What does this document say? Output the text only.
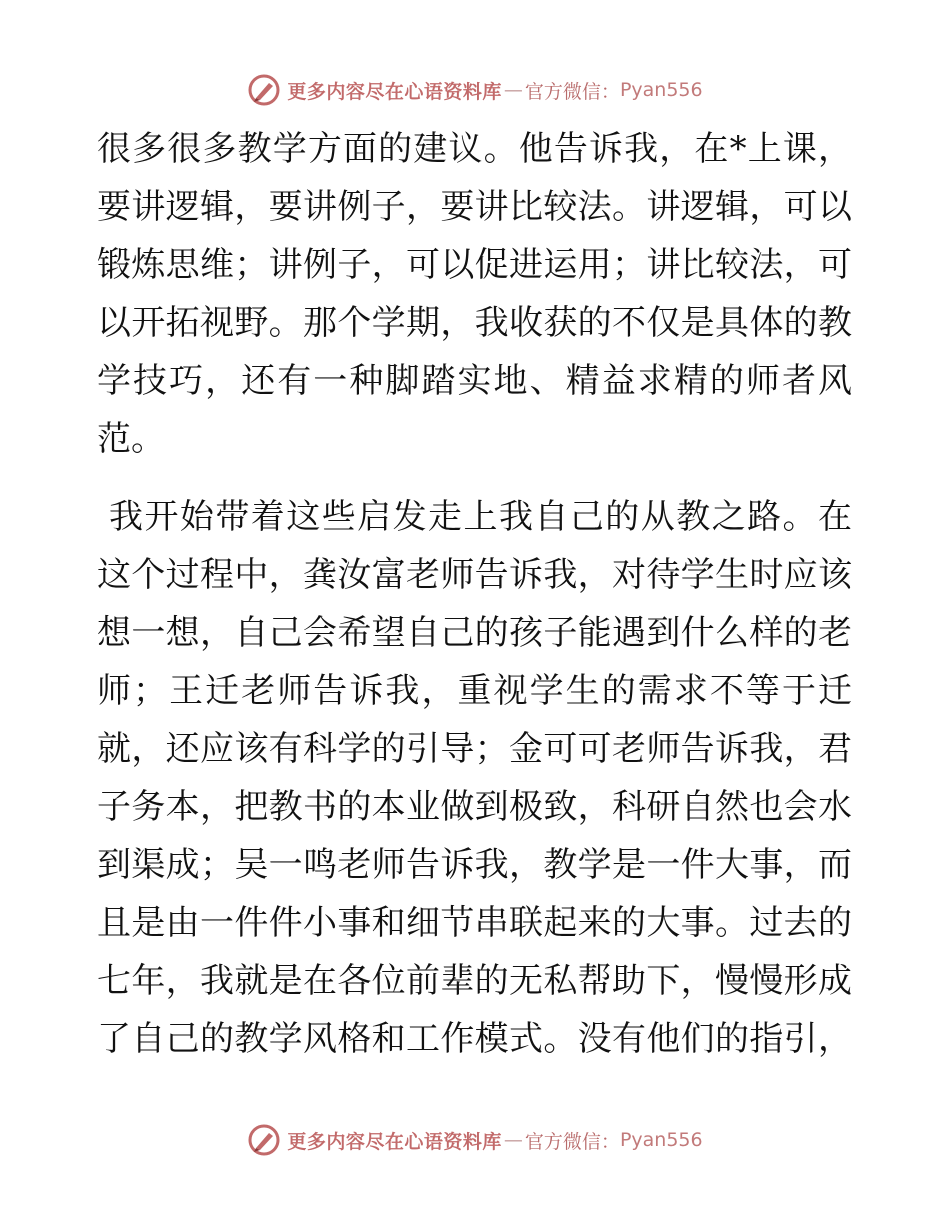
更多内容尽在心语资料库 — 官方微信： Pyan556

很多很多教学方面的建议。他告诉我，在*上课，
要讲逻辑，要讲例子，要讲比较法。讲逻辑，可以
锻炼思维；讲例子，可以促进运用；讲比较法，可
以开拓视野。那个学期，我收获的不仅是具体的教
学技巧，还有一种脚踏实地、精益求精的师者风
范。

我开始带着这些启发走上我自己的从教之路。在
这个过程中，龚汝富老师告诉我，对待学生时应该
想一想，自己会希望自己的孩子能遇到什么样的老
师；王迁老师告诉我，重视学生的需求不等于迁
就，还应该有科学的引导；金可可老师告诉我，君
子务本，把教书的本业做到极致，科研自然也会水
到渠成；吴一鸣老师告诉我，教学是一件大事，而
且是由一件件小事和细节串联起来的大事。过去的
七年，我就是在各位前辈的无私帮助下，慢慢形成
了自己的教学风格和工作模式。没有他们的指引，

更多内容尽在心语资料库 — 官方微信： Pyan556
